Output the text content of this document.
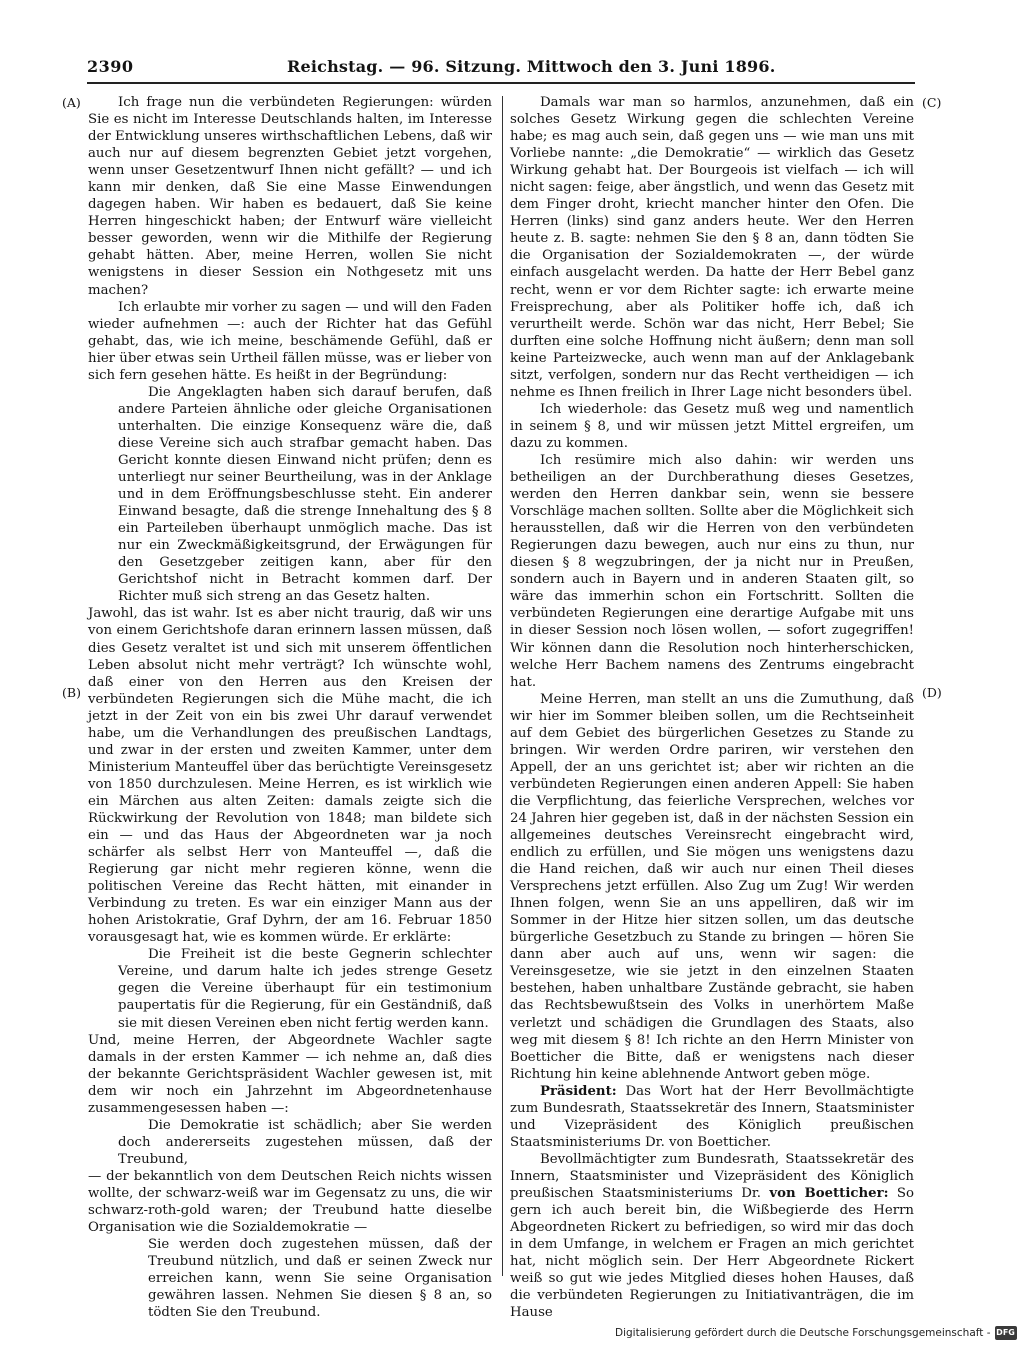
2390	Reichstag. — 96. Sitzung. Mittwoch den 3. Juni 1896.
(A)
(B)
(C)
(D)

Ich frage nun die verbündeten Regierungen: würden Sie es nicht im Interesse Deutschlands halten, im Interesse der Entwicklung unseres wirthschaftlichen Lebens, daß wir auch nur auf diesem begrenzten Gebiet jetzt vorgehen, wenn unser Gesetzentwurf Ihnen nicht gefällt? — und ich kann mir denken, daß Sie eine Masse Einwendungen dagegen haben. Wir haben es bedauert, daß Sie keine Herren hingeschickt haben; der Entwurf wäre vielleicht besser geworden, wenn wir die Mithilfe der Regierung gehabt hätten. Aber, meine Herren, wollen Sie nicht wenigstens in dieser Session ein Nothgesetz mit uns machen?

Ich erlaubte mir vorher zu sagen — und will den Faden wieder aufnehmen —: auch der Richter hat das Gefühl gehabt, das, wie ich meine, beschämende Gefühl, daß er hier über etwas sein Urtheil fällen müsse, was er lieber von sich fern gesehen hätte. Es heißt in der Begründung:

Die Angeklagten haben sich darauf berufen, daß andere Parteien ähnliche oder gleiche Organisationen unterhalten. Die einzige Konsequenz wäre die, daß diese Vereine sich auch strafbar gemacht haben. Das Gericht konnte diesen Einwand nicht prüfen; denn es unterliegt nur seiner Beurtheilung, was in der Anklage und in dem Eröffnungsbeschlusse steht. Ein anderer Einwand besagte, daß die strenge Innehaltung des § 8 ein Parteileben überhaupt unmöglich mache. Das ist nur ein Zweckmäßigkeitsgrund, der Erwägungen für den Gesetzgeber zeitigen kann, aber für den Gerichtshof nicht in Betracht kommen darf. Der Richter muß sich streng an das Gesetz halten.

Jawohl, das ist wahr. Ist es aber nicht traurig, daß wir uns von einem Gerichtshofe daran erinnern lassen müssen, daß dies Gesetz veraltet ist und sich mit unserem öffentlichen Leben absolut nicht mehr verträgt? Ich wünschte wohl, daß einer von den Herren aus den Kreisen der verbündeten Regierungen sich die Mühe macht, die ich jetzt in der Zeit von ein bis zwei Uhr darauf verwendet habe, um die Verhandlungen des preußischen Landtags, und zwar in der ersten und zweiten Kammer, unter dem Ministerium Manteuffel über das berüchtigte Vereinsgesetz von 1850 durchzulesen. Meine Herren, es ist wirklich wie ein Märchen aus alten Zeiten: damals zeigte sich die Rückwirkung der Revolution von 1848; man bildete sich ein — und das Haus der Abgeordneten war ja noch schärfer als selbst Herr von Manteuffel —, daß die Regierung gar nicht mehr regieren könne, wenn die politischen Vereine das Recht hätten, mit einander in Verbindung zu treten. Es war ein einziger Mann aus der hohen Aristokratie, Graf Dyhrn, der am 16. Februar 1850 vorausgesagt hat, wie es kommen würde. Er erklärte:

Die Freiheit ist die beste Gegnerin schlechter Vereine, und darum halte ich jedes strenge Gesetz gegen die Vereine überhaupt für ein testimonium paupertatis für die Regierung, für ein Geständniß, daß sie mit diesen Vereinen eben nicht fertig werden kann.

Und, meine Herren, der Abgeordnete Wachler sagte damals in der ersten Kammer — ich nehme an, daß dies der bekannte Gerichtspräsident Wachler gewesen ist, mit dem wir noch ein Jahrzehnt im Abgeordnetenhause zusammengesessen haben —:

Die Demokratie ist schädlich; aber Sie werden doch andererseits zugestehen müssen, daß der Treubund,

— der bekanntlich von dem Deutschen Reich nichts wissen wollte, der schwarz-weiß war im Gegensatz zu uns, die wir schwarz-roth-gold waren; der Treubund hatte dieselbe Organisation wie die Sozialdemokratie —

Sie werden doch zugestehen müssen, daß der Treubund nützlich, und daß er seinen Zweck nur erreichen kann, wenn Sie seine Organisation gewähren lassen. Nehmen Sie diesen § 8 an, so tödten Sie den Treubund.

Damals war man so harmlos, anzunehmen, daß ein solches Gesetz Wirkung gegen die schlechten Vereine habe; es mag auch sein, daß gegen uns — wie man uns mit Vorliebe nannte: „die Demokratie“ — wirklich das Gesetz Wirkung gehabt hat. Der Bourgeois ist vielfach — ich will nicht sagen: feige, aber ängstlich, und wenn das Gesetz mit dem Finger droht, kriecht mancher hinter den Ofen. Die Herren (links) sind ganz anders heute. Wer den Herren heute z. B. sagte: nehmen Sie den § 8 an, dann tödten Sie die Organisation der Sozialdemokraten —, der würde einfach ausgelacht werden. Da hatte der Herr Bebel ganz recht, wenn er vor dem Richter sagte: ich erwarte meine Freisprechung, aber als Politiker hoffe ich, daß ich verurtheilt werde. Schön war das nicht, Herr Bebel; Sie durften eine solche Hoffnung nicht äußern; denn man soll keine Parteizwecke, auch wenn man auf der Anklagebank sitzt, verfolgen, sondern nur das Recht vertheidigen — ich nehme es Ihnen freilich in Ihrer Lage nicht besonders übel.

Ich wiederhole: das Gesetz muß weg und namentlich in seinem § 8, und wir müssen jetzt Mittel ergreifen, um dazu zu kommen.

Ich resümire mich also dahin: wir werden uns betheiligen an der Durchberathung dieses Gesetzes, werden den Herren dankbar sein, wenn sie bessere Vorschläge machen sollten. Sollte aber die Möglichkeit sich herausstellen, daß wir die Herren von den verbündeten Regierungen dazu bewegen, auch nur eins zu thun, nur diesen § 8 wegzubringen, der ja nicht nur in Preußen, sondern auch in Bayern und in anderen Staaten gilt, so wäre das immerhin schon ein Fortschritt. Sollten die verbündeten Regierungen eine derartige Aufgabe mit uns in dieser Session noch lösen wollen, — sofort zugegriffen! Wir können dann die Resolution noch hinterherschicken, welche Herr Bachem namens des Zentrums eingebracht hat.

Meine Herren, man stellt an uns die Zumuthung, daß wir hier im Sommer bleiben sollen, um die Rechtseinheit auf dem Gebiet des bürgerlichen Gesetzes zu Stande zu bringen. Wir werden Ordre pariren, wir verstehen den Appell, der an uns gerichtet ist; aber wir richten an die verbündeten Regierungen einen anderen Appell: Sie haben die Verpflichtung, das feierliche Versprechen, welches vor 24 Jahren hier gegeben ist, daß in der nächsten Session ein allgemeines deutsches Vereinsrecht eingebracht wird, endlich zu erfüllen, und Sie mögen uns wenigstens dazu die Hand reichen, daß wir auch nur einen Theil dieses Versprechens jetzt erfüllen. Also Zug um Zug! Wir werden Ihnen folgen, wenn Sie an uns appelliren, daß wir im Sommer in der Hitze hier sitzen sollen, um das deutsche bürgerliche Gesetzbuch zu Stande zu bringen — hören Sie dann aber auch auf uns, wenn wir sagen: die Vereinsgesetze, wie sie jetzt in den einzelnen Staaten bestehen, haben unhaltbare Zustände gebracht, sie haben das Rechtsbewußtsein des Volks in unerhörtem Maße verletzt und schädigen die Grundlagen des Staats, also weg mit diesem § 8! Ich richte an den Herrn Minister von Boetticher die Bitte, daß er wenigstens nach dieser Richtung hin keine ablehnende Antwort geben möge.

Präsident: Das Wort hat der Herr Bevollmächtigte zum Bundesrath, Staatssekretär des Innern, Staatsminister und Vizepräsident des Königlich preußischen Staatsministeriums Dr. von Boetticher.

Bevollmächtigter zum Bundesrath, Staatssekretär des Innern, Staatsminister und Vizepräsident des Königlich preußischen Staatsministeriums Dr. von Boetticher: So gern ich auch bereit bin, die Wißbegierde des Herrn Abgeordneten Rickert zu befriedigen, so wird mir das doch in dem Umfange, in welchem er Fragen an mich gerichtet hat, nicht möglich sein. Der Herr Abgeordnete Rickert weiß so gut wie jedes Mitglied dieses hohen Hauses, daß die verbündeten Regierungen zu Initiativanträgen, die im Hause

Digitalisierung gefördert durch die Deutsche Forschungsgemeinschaft - DFG
